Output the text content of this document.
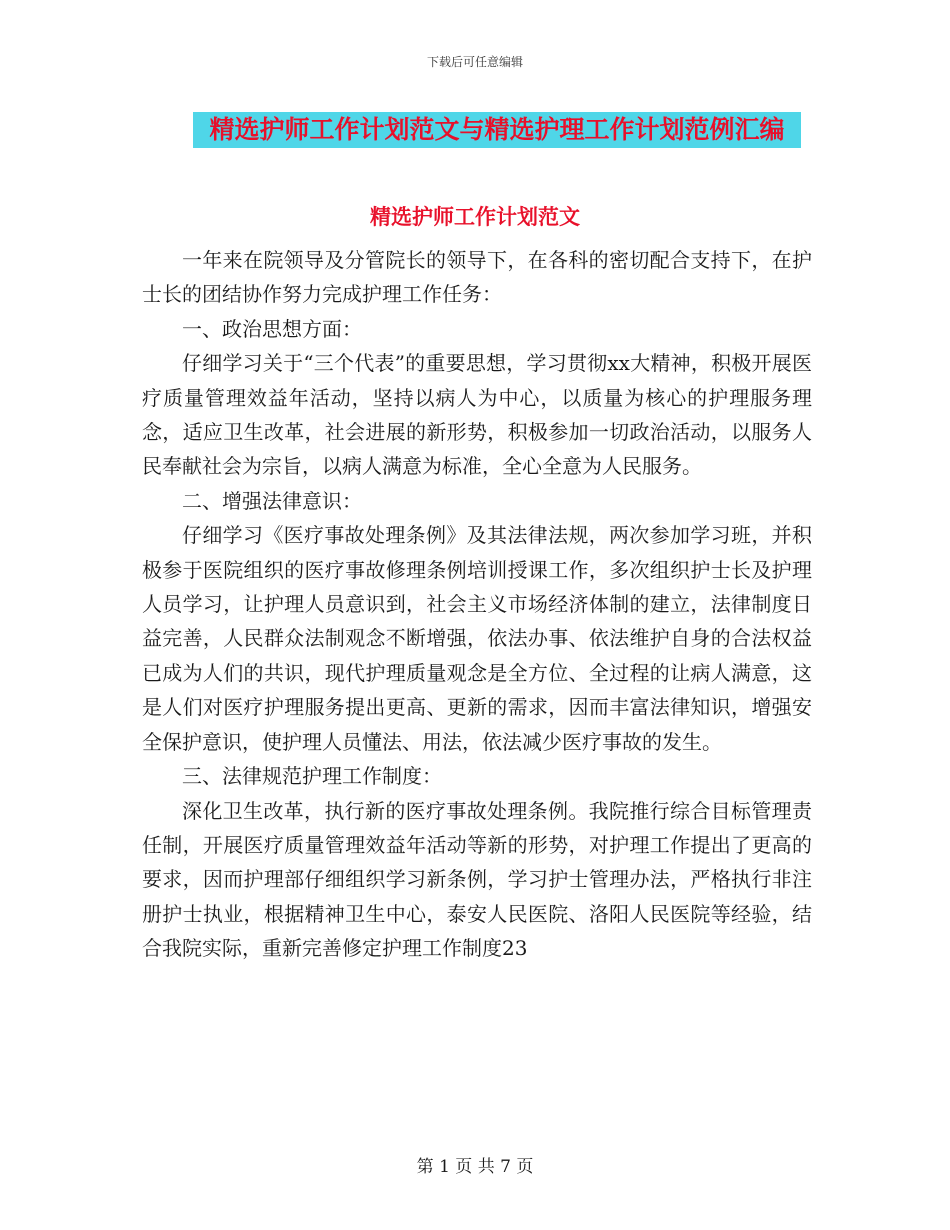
下载后可任意编辑
精选护师工作计划范文与精选护理工作计划范例汇编
精选护师工作计划范文

一年来在院领导及分管院长的领导下，在各科的密切配合支持下，在护士长的团结协作努力完成护理工作任务：

一、政治思想方面：

仔细学习关于“三个代表”的重要思想，学习贯彻xx大精神，积极开展医疗质量管理效益年活动，坚持以病人为中心，以质量为核心的护理服务理念，适应卫生改革，社会进展的新形势，积极参加一切政治活动，以服务人民奉献社会为宗旨，以病人满意为标准，全心全意为人民服务。

二、增强法律意识：

仔细学习《医疗事故处理条例》及其法律法规，两次参加学习班，并积极参于医院组织的医疗事故修理条例培训授课工作，多次组织护士长及护理人员学习，让护理人员意识到，社会主义市场经济体制的建立，法律制度日益完善，人民群众法制观念不断增强，依法办事、依法维护自身的合法权益已成为人们的共识，现代护理质量观念是全方位、全过程的让病人满意，这是人们对医疗护理服务提出更高、更新的需求，因而丰富法律知识，增强安全保护意识，使护理人员懂法、用法，依法减少医疗事故的发生。

三、法律规范护理工作制度：

深化卫生改革，执行新的医疗事故处理条例。我院推行综合目标管理责任制，开展医疗质量管理效益年活动等新的形势，对护理工作提出了更高的要求，因而护理部仔细组织学习新条例，学习护士管理办法，严格执行非注册护士执业，根据精神卫生中心，泰安人民医院、洛阳人民医院等经验，结合我院实际，重新完善修定护理工作制度23

第 1 页 共 7 页
